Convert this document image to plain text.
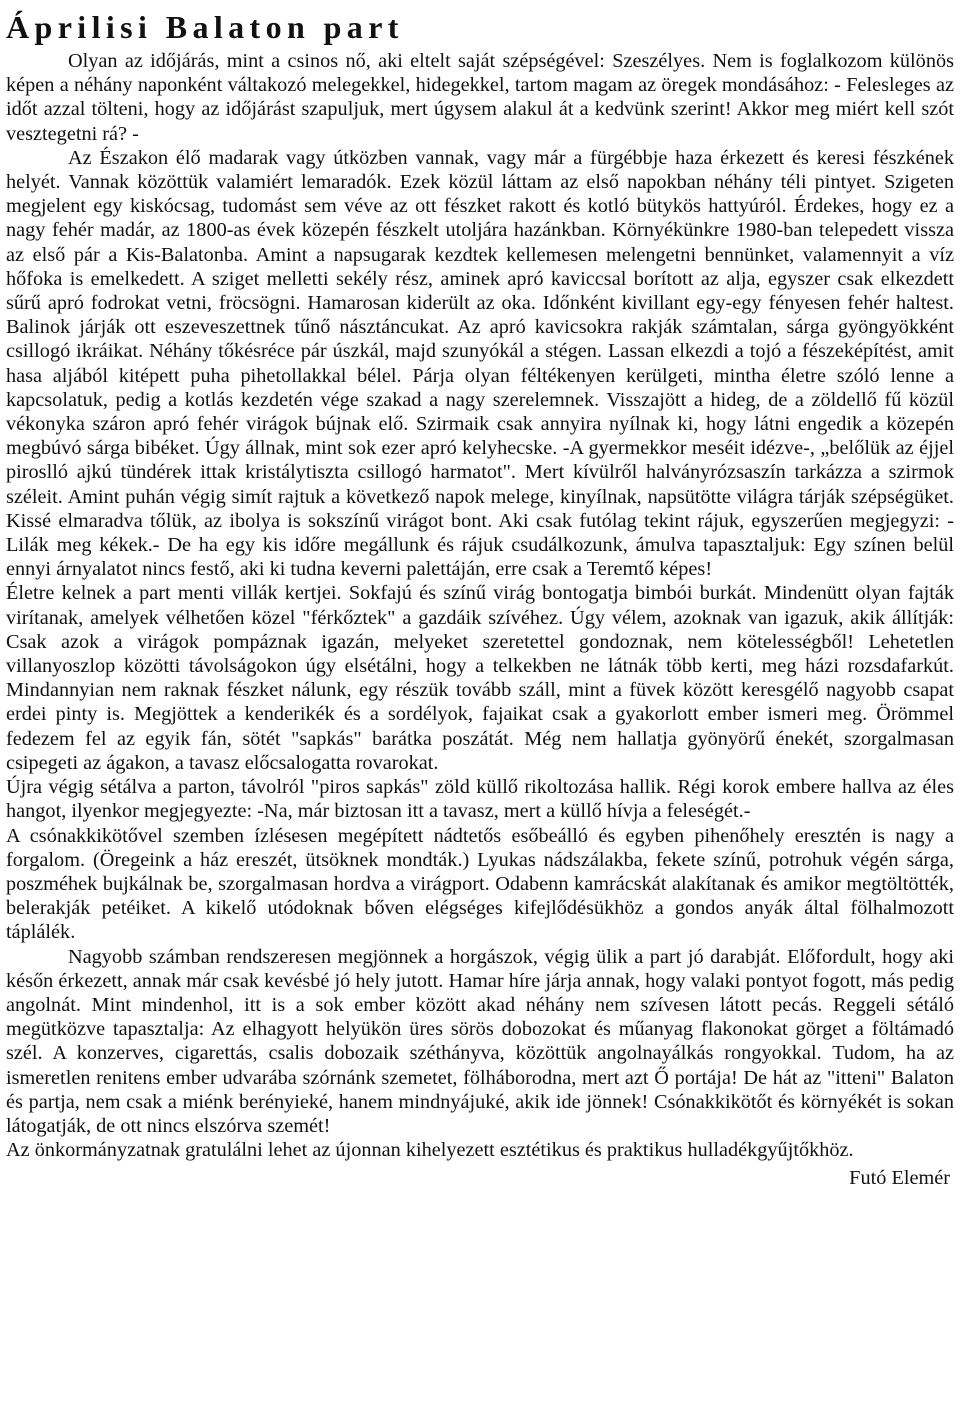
Áprilisi Balaton part

Olyan az időjárás, mint a csinos nő, aki eltelt saját szépségével: Szeszélyes. Nem is foglalkozom különös képen a néhány naponként váltakozó melegekkel, hidegekkel, tartom magam az öregek mondásához: - Felesleges az időt azzal tölteni, hogy az időjárást szapuljuk, mert úgysem alakul át a kedvünk szerint! Akkor meg miért kell szót vesztegetni rá? -

Az Északon élő madarak vagy útközben vannak, vagy már a fürgébbje haza érkezett és keresi fészkének helyét. Vannak közöttük valamiért lemaradók. Ezek közül láttam az első napokban néhány téli pintyet. Szigeten megjelent egy kiskócsag, tudomást sem véve az ott fészket rakott és kotló bütykös hattyúról. Érdekes, hogy ez a nagy fehér madár, az 1800-as évek közepén fészkelt utoljára hazánkban. Környékünkre 1980-ban telepedett vissza az első pár a Kis-Balatonba. Amint a napsugarak kezdtek kellemesen melengetni bennünket, valamennyit a víz hőfoka is emelkedett. A sziget melletti sekély rész, aminek apró kaviccsal borított az alja, egyszer csak elkezdett sűrű apró fodrokat vetni, fröcsögni. Hamarosan kiderült az oka. Időnként kivillant egy-egy fényesen fehér haltest. Balinok járják ott eszeveszettnek tűnő násztáncukat. Az apró kavicsokra rakják számtalan, sárga gyöngyökként csillogó ikráikat. Néhány tőkésréce pár úszkál, majd szunyókál a stégen. Lassan elkezdi a tojó a fészeképítést, amit hasa aljából kitépett puha pihetollakkal bélel. Párja olyan féltékenyen kerülgeti, mintha életre szóló lenne a kapcsolatuk, pedig a kotlás kezdetén vége szakad a nagy szerelemnek. Visszajött a hideg, de a zöldellő fű közül vékonyka száron apró fehér virágok bújnak elő. Szirmaik csak annyira nyílnak ki, hogy látni engedik a közepén megbúvó sárga bibéket. Úgy állnak, mint sok ezer apró kelyhecske. -A gyermekkor meséit idézve-, „belőlük az éjjel piroslló ajkú tündérek ittak kristálytiszta csillogó harmatot". Mert kívülről halványrózsaszín tarkázza a szirmok széleit. Amint puhán végig simít rajtuk a következő napok melege, kinyílnak, napsütötte világra tárják szépségüket. Kissé elmaradva tőlük, az ibolya is sokszínű virágot bont. Aki csak futólag tekint rájuk, egyszerűen megjegyzi: -Lilák meg kékek.- De ha egy kis időre megállunk és rájuk csudálkozunk, ámulva tapasztaljuk: Egy színen belül ennyi árnyalatot nincs festő, aki ki tudna keverni palettáján, erre csak a Teremtő képes!

Életre kelnek a part menti villák kertjei. Sokfajú és színű virág bontogatja bimbói burkát. Mindenütt olyan fajták virítanak, amelyek vélhetően közel "férkőztek" a gazdáik szívéhez. Úgy vélem, azoknak van igazuk, akik állítják: Csak azok a virágok pompáznak igazán, melyeket szeretettel gondoznak, nem kötelességből! Lehetetlen villanyoszlop közötti távolságokon úgy elsétálni, hogy a telkekben ne látnák több kerti, meg házi rozsdafarkút. Mindannyian nem raknak fészket nálunk, egy részük tovább száll, mint a füvek között keresgélő nagyobb csapat erdei pinty is. Megjöttek a kenderikék és a sordélyok, fajaikat csak a gyakorlott ember ismeri meg. Örömmel fedezem fel az egyik fán, sötét "sapkás" barátka poszátát. Még nem hallatja gyönyörű énekét, szorgalmasan csipegeti az ágakon, a tavasz előcsalogatta rovarokat.

Újra végig sétálva a parton, távolról "piros sapkás" zöld küllő rikoltozása hallik. Régi korok embere hallva az éles hangot, ilyenkor megjegyezte: -Na, már biztosan itt a tavasz, mert a küllő hívja a feleségét.-

A csónakkikötővel szemben ízlésesen megépített nádtetős esőbeálló és egyben pihenőhely eresztén is nagy a forgalom. (Öregeink a ház ereszét, ütsöknek mondták.) Lyukas nádszálakba, fekete színű, potrohuk végén sárga, poszméhek bujkálnak be, szorgalmasan hordva a virágport. Odabenn kamrácskát alakítanak és amikor megtöltötték, belerakják petéiket. A kikelő utódoknak bőven elégséges kifejlődésükhöz a gondos anyák által fölhalmozott táplálék.

Nagyobb számban rendszeresen megjönnek a horgászok, végig ülik a part jó darabját. Előfordult, hogy aki későn érkezett, annak már csak kevésbé jó hely jutott. Hamar híre járja annak, hogy valaki pontyot fogott, más pedig angolnát. Mint mindenhol, itt is a sok ember között akad néhány nem szívesen látott pecás. Reggeli sétáló megütközve tapasztalja: Az elhagyott helyükön üres sörös dobozokat és műanyag flakonokat görget a föltámadó szél. A konzerves, cigarettás, csalis dobozaik széthányva, közöttük angolnayálkás rongyokkal. Tudom, ha az ismeretlen renitens ember udvarába szórnánk szemetet, fölháborodna, mert azt Ő portája! De hát az "itteni" Balaton és partja, nem csak a miénk berényieké, hanem mindnyájuké, akik ide jönnek! Csónakkikötőt és környékét is sokan látogatják, de ott nincs elszórva szemét!

Az önkormányzatnak gratulálni lehet az újonnan kihelyezett esztétikus és praktikus hulladékgyűjtőkhöz.

Futó Elemér
